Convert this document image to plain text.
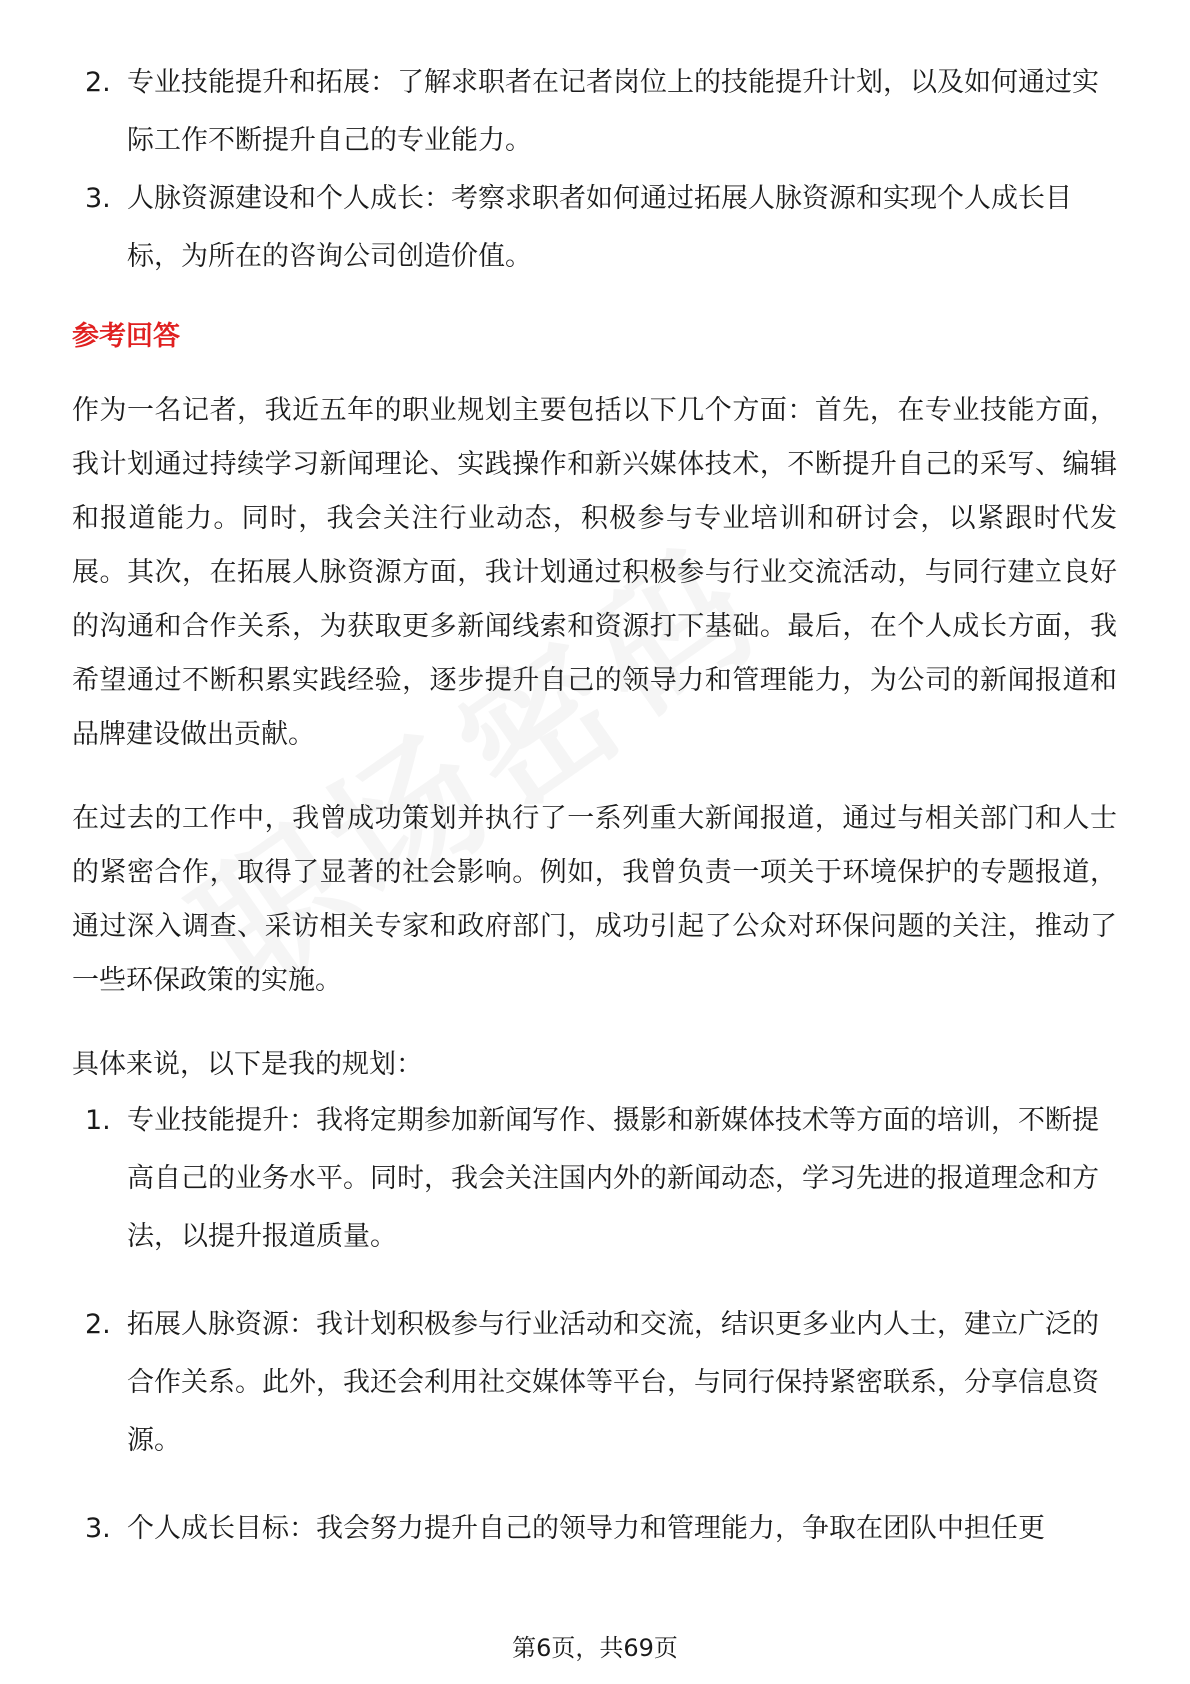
2. 专业技能提升和拓展：了解求职者在记者岗位上的技能提升计划，以及如何通过实际工作不断提升自己的专业能力。
3. 人脉资源建设和个人成长：考察求职者如何通过拓展人脉资源和实现个人成长目标，为所在的咨询公司创造价值。
参考回答

作为一名记者，我近五年的职业规划主要包括以下几个方面：首先，在专业技能方面，我计划通过持续学习新闻理论、实践操作和新兴媒体技术，不断提升自己的采写、编辑和报道能力。同时，我会关注行业动态，积极参与专业培训和研讨会，以紧跟时代发展。其次，在拓展人脉资源方面，我计划通过积极参与行业交流活动，与同行建立良好的沟通和合作关系，为获取更多新闻线索和资源打下基础。最后，在个人成长方面，我希望通过不断积累实践经验，逐步提升自己的领导力和管理能力，为公司的新闻报道和品牌建设做出贡献。

在过去的工作中，我曾成功策划并执行了一系列重大新闻报道，通过与相关部门和人士的紧密合作，取得了显著的社会影响。例如，我曾负责一项关于环境保护的专题报道，通过深入调查、采访相关专家和政府部门，成功引起了公众对环保问题的关注，推动了一些环保政策的实施。

具体来说，以下是我的规划：

1. 专业技能提升：我将定期参加新闻写作、摄影和新媒体技术等方面的培训，不断提高自己的业务水平。同时，我会关注国内外的新闻动态，学习先进的报道理念和方法，以提升报道质量。
2. 拓展人脉资源：我计划积极参与行业活动和交流，结识更多业内人士，建立广泛的合作关系。此外，我还会利用社交媒体等平台，与同行保持紧密联系，分享信息资源。
3. 个人成长目标：我会努力提升自己的领导力和管理能力，争取在团队中担任更
第6页，共69页
